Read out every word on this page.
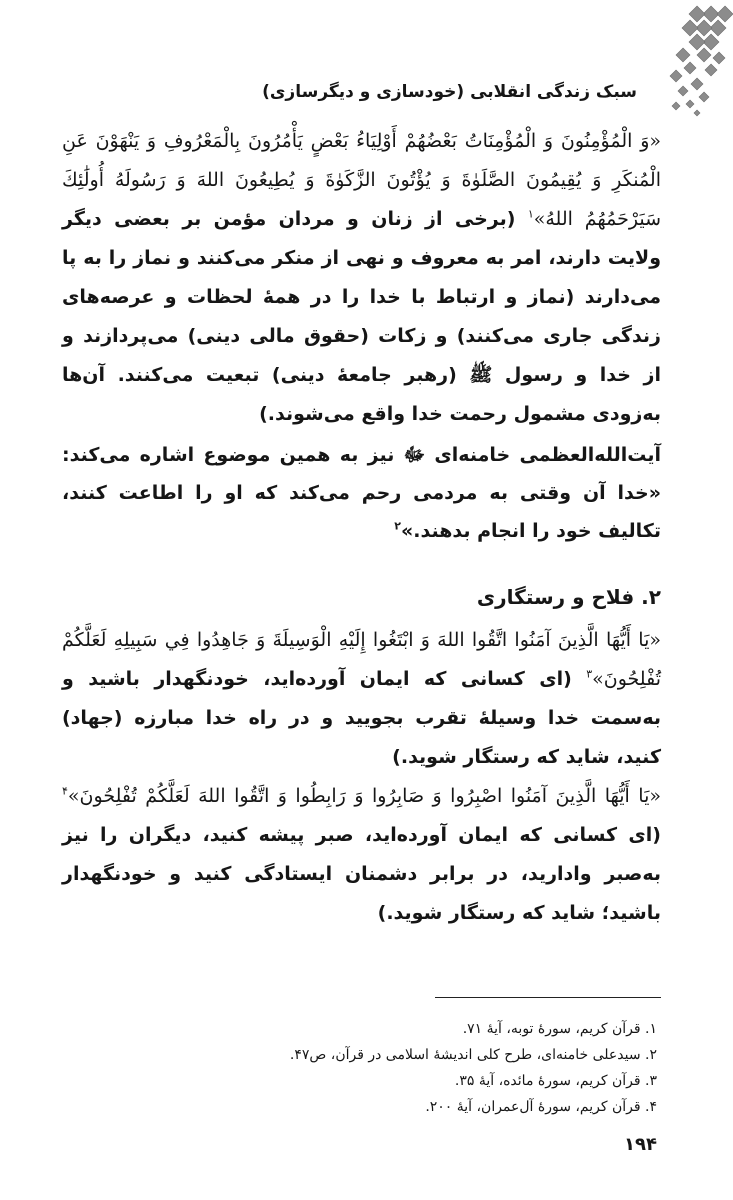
سبک زندگی انقلابی (خودسازی و دیگرسازی)

«وَ الْمُؤْمِنُونَ وَ الْمُؤْمِنَاتُ بَعْضُهُمْ أَوْلِيَاءُ بَعْضٍ يَأْمُرُونَ بِالْمَعْرُوفِ وَ يَنْهَوْنَ عَنِ الْمُنكَرِ وَ يُقِيمُونَ الصَّلَوٰةَ وَ يُؤْتُونَ الزَّكَوٰةَ وَ يُطِيعُونَ اللهَ وَ رَسُولَهُ أُولَٰئِكَ سَيَرْحَمُهُمُ اللهُ»$^۱$ (برخی از زنان و مردان مؤمن بر بعضی دیگر ولایت دارند، امر به معروف و نهی از منکر می‌کنند و نماز را به پا می‌دارند (نماز و ارتباط با خدا را در همهٔ لحظات و عرصه‌های زندگی جاری می‌کنند) و زکات (حقوق مالی دینی) می‌پردازند و از خدا و رسول ﷺ (رهبر جامعهٔ دینی) تبعیت می‌کنند. آن‌ها به‌زودی مشمول رحمت خدا واقع می‌شوند.)

آیت‌الله‌العظمی خامنه‌ای ﷻ نیز به همین موضوع اشاره می‌کند: «خدا آن وقتی به مردمی رحم می‌کند که او را اطاعت کنند، تکالیف خود را انجام بدهند.»$^۲$

۲. فلاح و رستگاری

«يَا أَيُّهَا الَّذِينَ آمَنُوا اتَّقُوا اللهَ وَ ابْتَغُوا إِلَيْهِ الْوَسِيلَةَ وَ جَاهِدُوا فِي سَبِيلِهِ لَعَلَّكُمْ تُفْلِحُونَ»$^۳$ (ای کسانی که ایمان آورده‌اید، خودنگهدار باشید و به‌سمت خدا وسیلهٔ تقرب بجویید و در راه خدا مبارزه (جهاد) کنید، شاید که رستگار شوید.)

«يَا أَيُّهَا الَّذِينَ آمَنُوا اصْبِرُوا وَ صَابِرُوا وَ رَابِطُوا وَ اتَّقُوا اللهَ لَعَلَّكُمْ تُفْلِحُونَ»$^۴$ (ای کسانی که ایمان آورده‌اید، صبر پیشه کنید، دیگران را نیز به‌صبر وادارید، در برابر دشمنان ایستادگی کنید و خودنگهدار باشید؛ شاید که رستگار شوید.)

۱. قرآن کریم، سورهٔ توبه، آیهٔ ۷۱.
۲. سیدعلی خامنه‌ای، طرح کلی اندیشهٔ اسلامی در قرآن، ص۴۷.
۳. قرآن کریم، سورهٔ مائده، آیهٔ ۳۵.
۴. قرآن کریم، سورهٔ آل‌عمران، آیهٔ ۲۰۰.
۱۹۴
